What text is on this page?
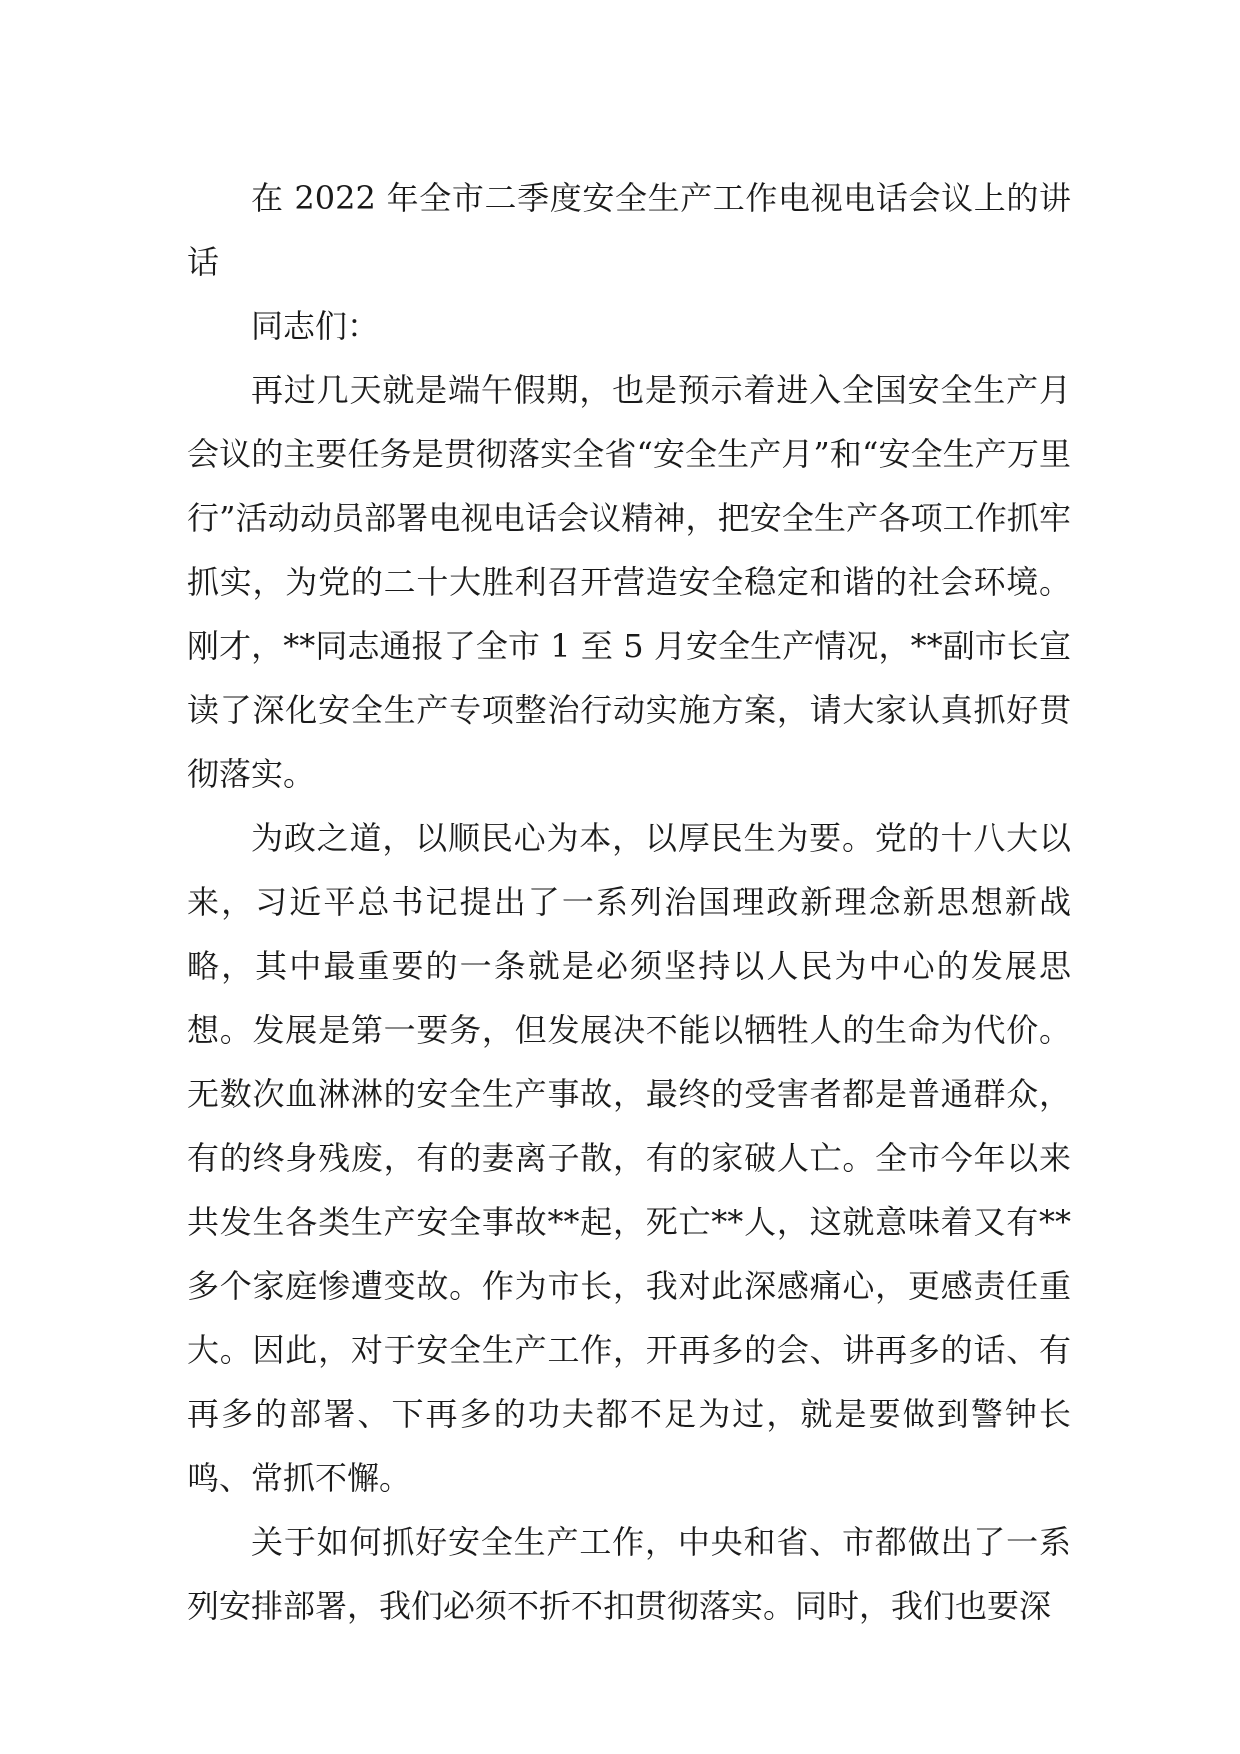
在 2022 年全市二季度安全生产工作电视电话会议上的讲话

同志们：

再过几天就是端午假期，也是预示着进入全国安全生产月会议的主要任务是贯彻落实全省“安全生产月”和“安全生产万里行”活动动员部署电视电话会议精神，把安全生产各项工作抓牢抓实，为党的二十大胜利召开营造安全稳定和谐的社会环境。刚才，**同志通报了全市 1 至 5 月安全生产情况，**副市长宣读了深化安全生产专项整治行动实施方案，请大家认真抓好贯彻落实。

为政之道，以顺民心为本，以厚民生为要。党的十八大以来，习近平总书记提出了一系列治国理政新理念新思想新战略，其中最重要的一条就是必须坚持以人民为中心的发展思想。发展是第一要务，但发展决不能以牺牲人的生命为代价。无数次血淋淋的安全生产事故，最终的受害者都是普通群众，有的终身残废，有的妻离子散，有的家破人亡。全市今年以来共发生各类生产安全事故**起，死亡**人，这就意味着又有**多个家庭惨遭变故。作为市长，我对此深感痛心，更感责任重大。因此，对于安全生产工作，开再多的会、讲再多的话、有再多的部署、下再多的功夫都不足为过，就是要做到警钟长鸣、常抓不懈。

关于如何抓好安全生产工作，中央和省、市都做出了一系列安排部署，我们必须不折不扣贯彻落实。同时，我们也要深
